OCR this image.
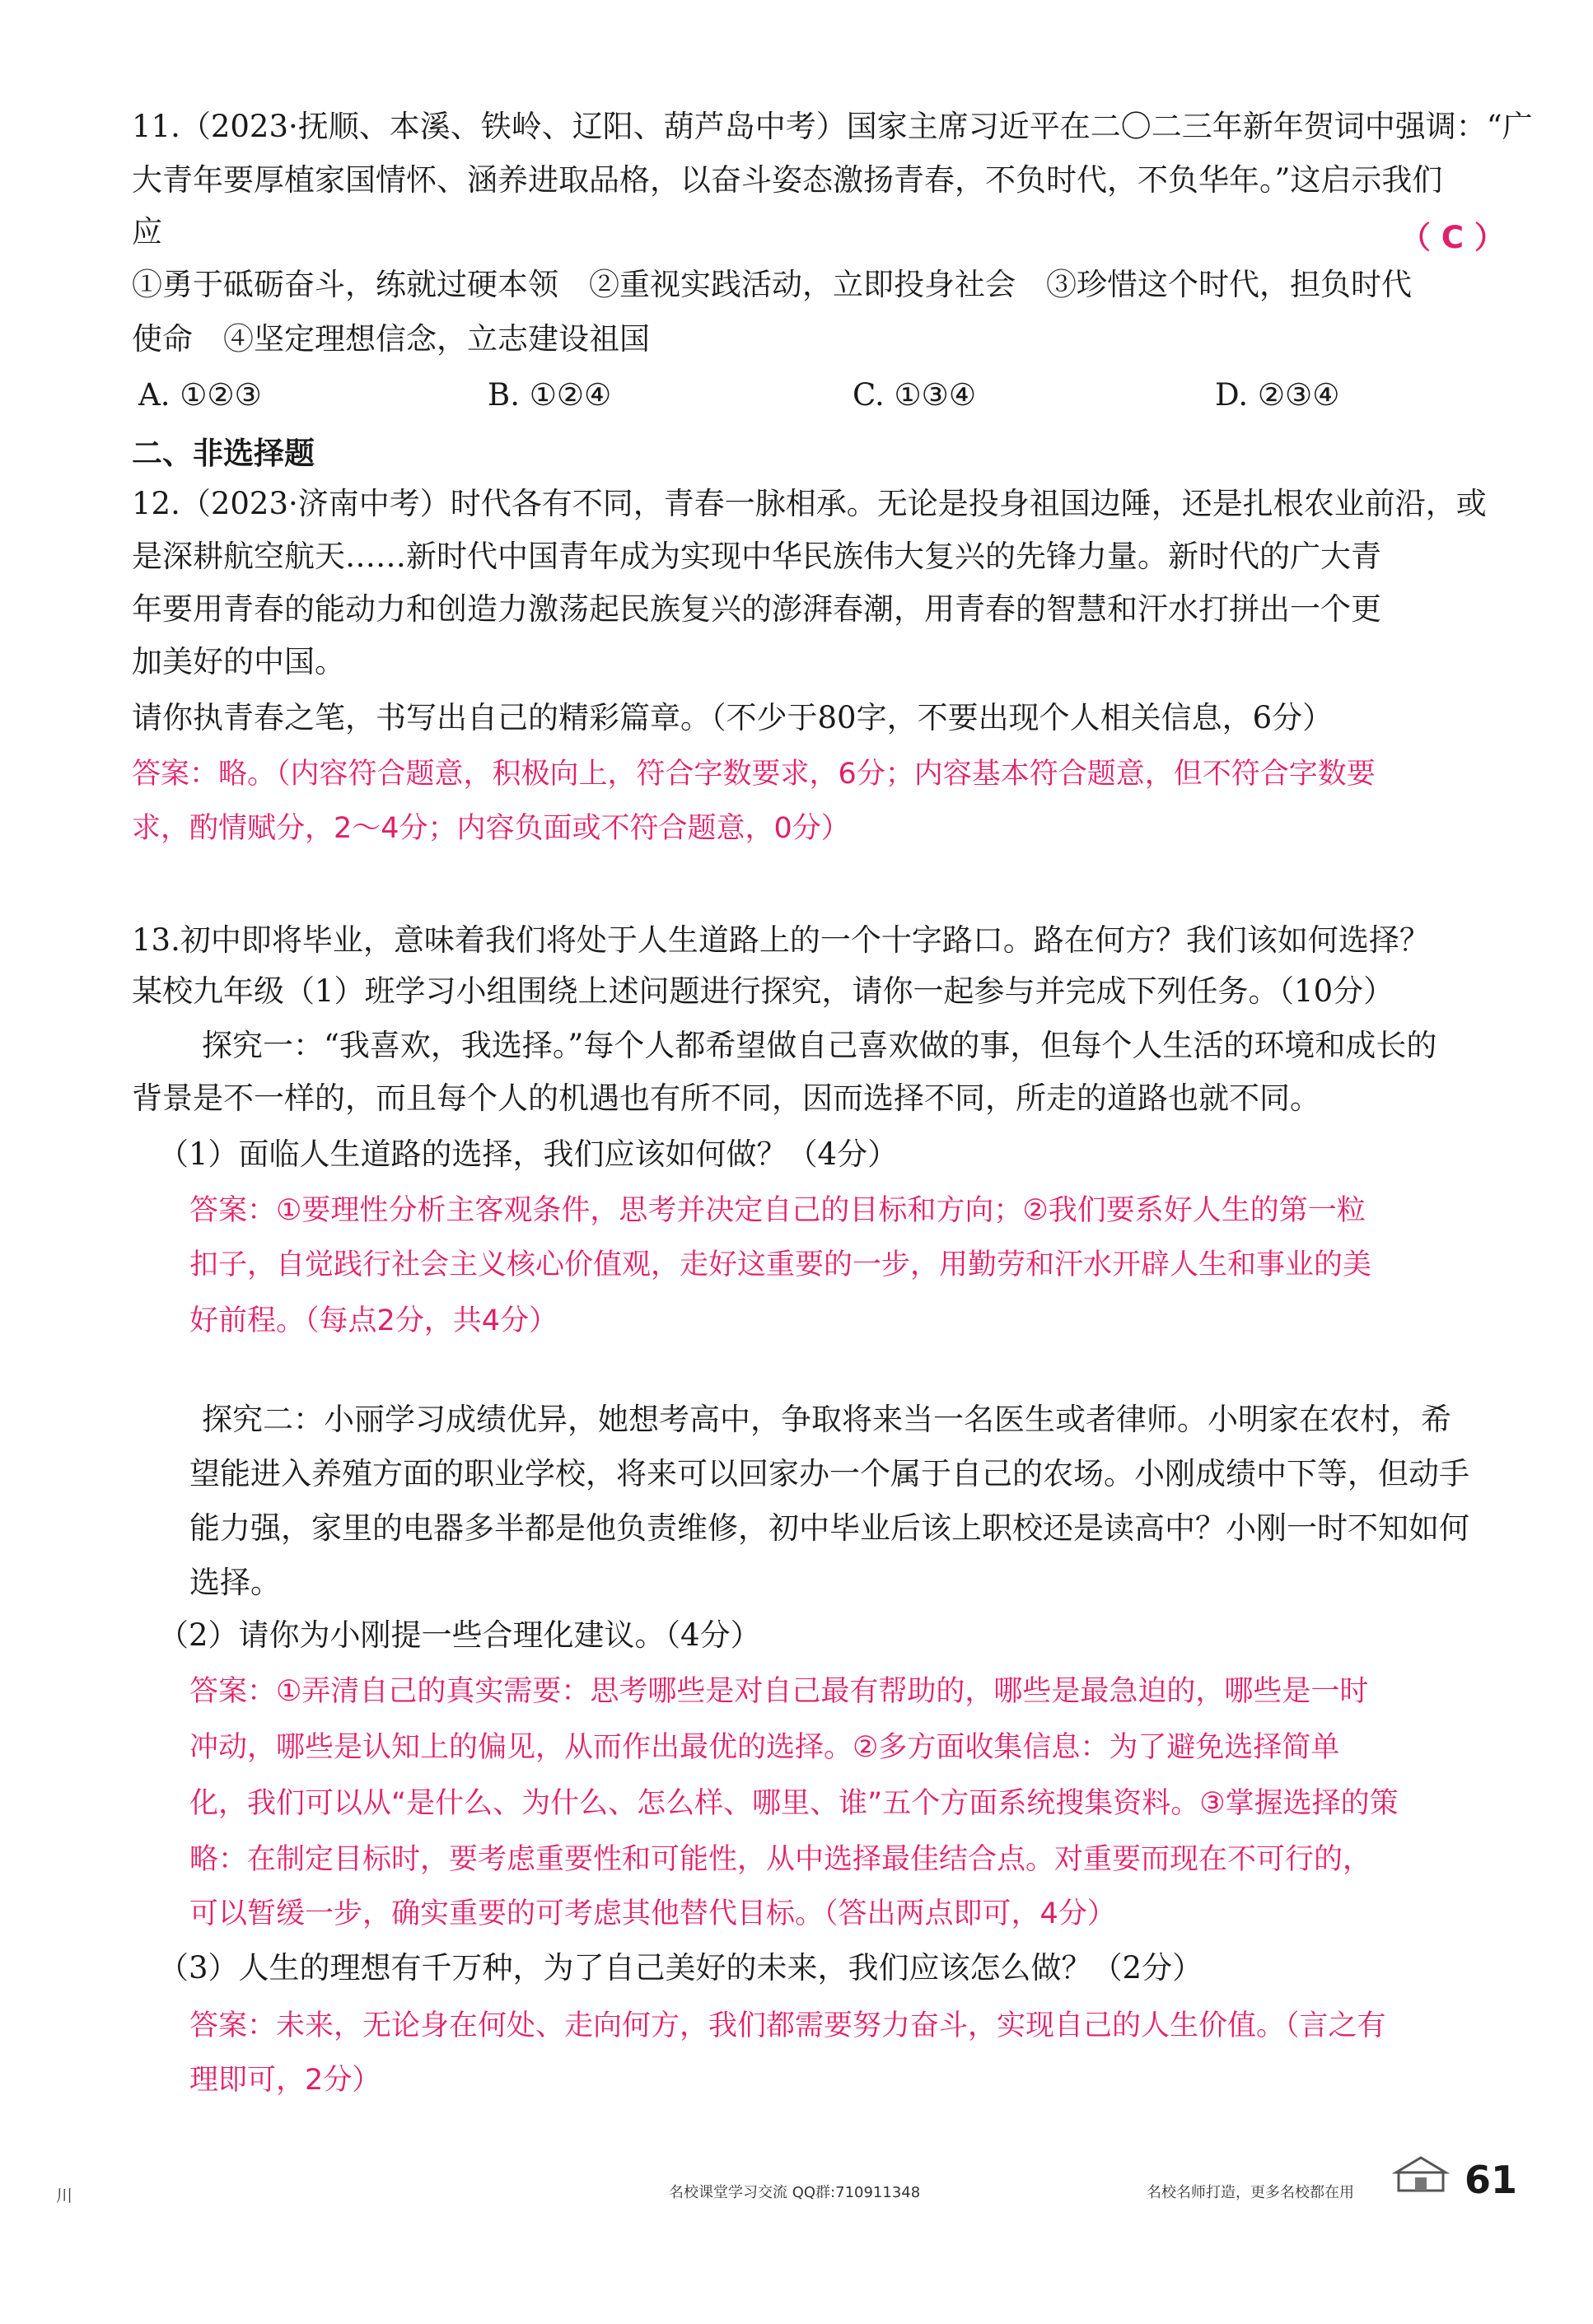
11.（2023·抚顺、本溪、铁岭、辽阳、葫芦岛中考）国家主席习近平在二〇二三年新年贺词中强调：“广
大青年要厚植家国情怀、涵养进取品格，以奋斗姿态激扬青春，不负时代，不负华年。”这启示我们
应	（ C ）
①勇于砥砺奋斗，练就过硬本领　②重视实践活动，立即投身社会　③珍惜这个时代，担负时代
使命　④坚定理想信念，立志建设祖国
A. ①②③	B. ①②④	C. ①③④	D. ②③④
二、非选择题
12.（2023·济南中考）时代各有不同，青春一脉相承。无论是投身祖国边陲，还是扎根农业前沿，或
是深耕航空航天……新时代中国青年成为实现中华民族伟大复兴的先锋力量。新时代的广大青
年要用青春的能动力和创造力激荡起民族复兴的澎湃春潮，用青春的智慧和汗水打拼出一个更
加美好的中国。
请你执青春之笔，书写出自己的精彩篇章。（不少于80字，不要出现个人相关信息，6分）
答案：略。（内容符合题意，积极向上，符合字数要求，6分；内容基本符合题意，但不符合字数要
求，酌情赋分，2～4分；内容负面或不符合题意，0分）
13.初中即将毕业，意味着我们将处于人生道路上的一个十字路口。路在何方？我们该如何选择？
某校九年级（1）班学习小组围绕上述问题进行探究，请你一起参与并完成下列任务。（10分）
探究一：“我喜欢，我选择。”每个人都希望做自己喜欢做的事，但每个人生活的环境和成长的
背景是不一样的，而且每个人的机遇也有所不同，因而选择不同，所走的道路也就不同。
（1）面临人生道路的选择，我们应该如何做？（4分）
答案：①要理性分析主客观条件，思考并决定自己的目标和方向；②我们要系好人生的第一粒
扣子，自觉践行社会主义核心价值观，走好这重要的一步，用勤劳和汗水开辟人生和事业的美
好前程。（每点2分，共4分）
探究二：小丽学习成绩优异，她想考高中，争取将来当一名医生或者律师。小明家在农村，希
望能进入养殖方面的职业学校，将来可以回家办一个属于自己的农场。小刚成绩中下等，但动手
能力强，家里的电器多半都是他负责维修，初中毕业后该上职校还是读高中？小刚一时不知如何
选择。
（2）请你为小刚提一些合理化建议。（4分）
答案：①弄清自己的真实需要：思考哪些是对自己最有帮助的，哪些是最急迫的，哪些是一时
冲动，哪些是认知上的偏见，从而作出最优的选择。②多方面收集信息：为了避免选择简单
化，我们可以从“是什么、为什么、怎么样、哪里、谁”五个方面系统搜集资料。③掌握选择的策
略：在制定目标时，要考虑重要性和可能性，从中选择最佳结合点。对重要而现在不可行的，
可以暂缓一步，确实重要的可考虑其他替代目标。（答出两点即可，4分）
（3）人生的理想有千万种，为了自己美好的未来，我们应该怎么做？（2分）
答案：未来，无论身在何处、走向何方，我们都需要努力奋斗，实现自己的人生价值。（言之有
理即可，2分）
川	名校课堂学习交流 QQ群:710911348	名校名师打造，更多名校都在用	61
